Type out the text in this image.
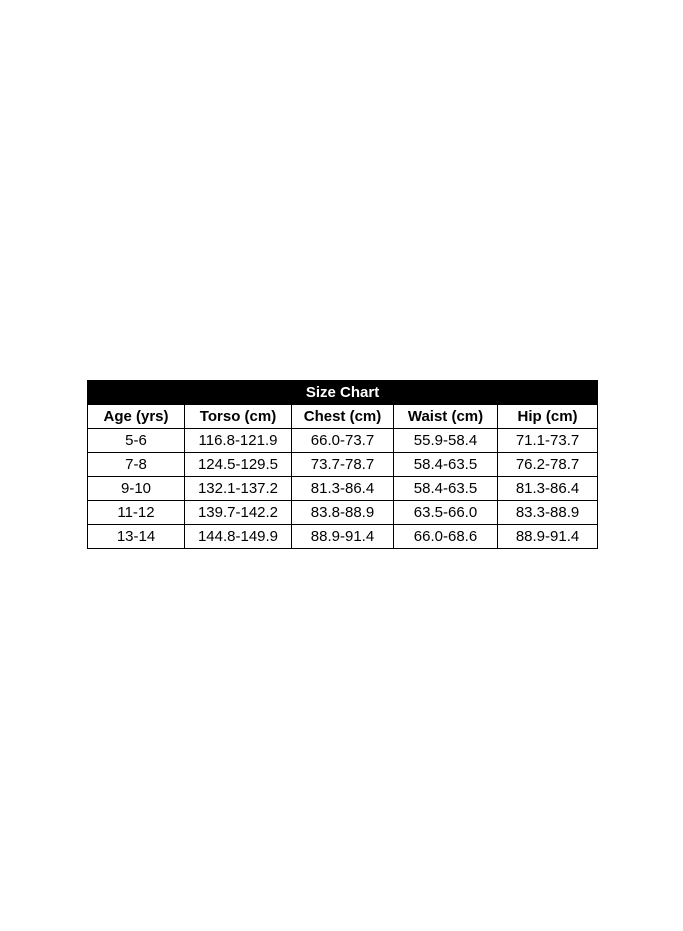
Size Chart				
Age (yrs)	Torso (cm)	Chest (cm)	Waist (cm)	Hip (cm)
5-6	116.8-121.9	66.0-73.7	55.9-58.4	71.1-73.7
7-8	124.5-129.5	73.7-78.7	58.4-63.5	76.2-78.7
9-10	132.1-137.2	81.3-86.4	58.4-63.5	81.3-86.4
11-12	139.7-142.2	83.8-88.9	63.5-66.0	83.3-88.9
13-14	144.8-149.9	88.9-91.4	66.0-68.6	88.9-91.4
